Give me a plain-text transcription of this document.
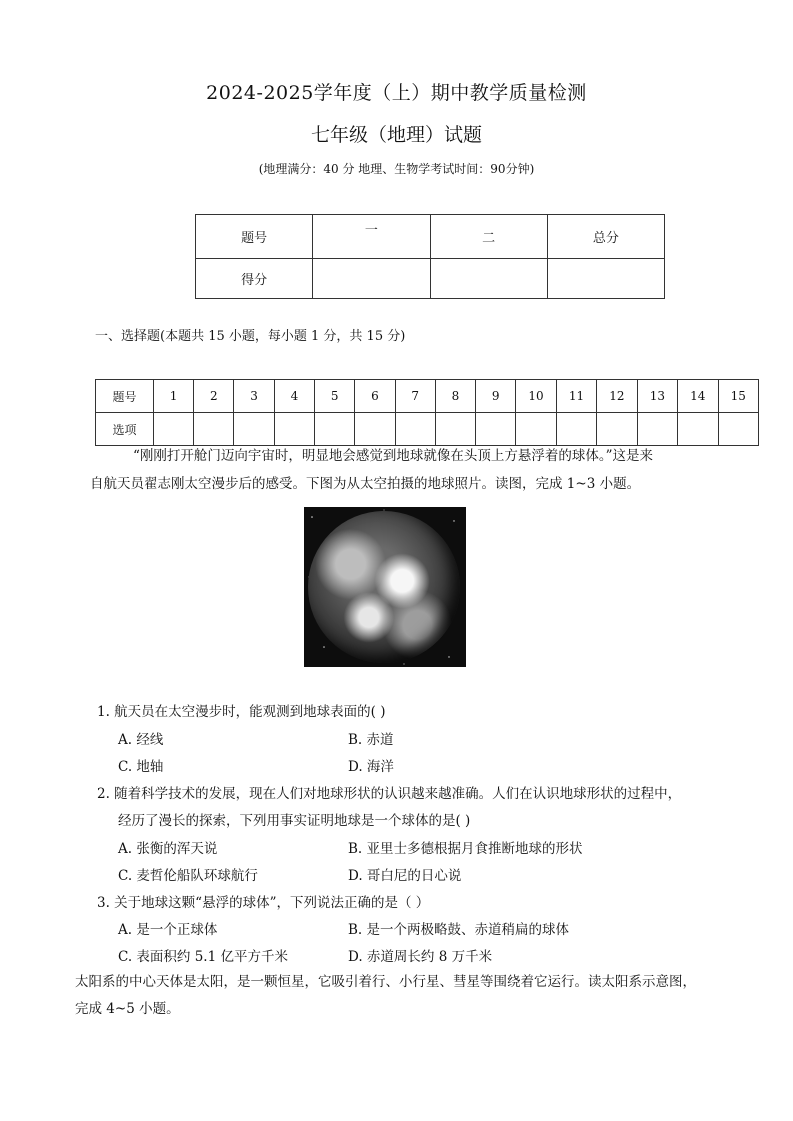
2024-2025学年度（上）期中教学质量检测
七年级（地理）试题
(地理满分：40 分 地理、生物学考试时间：90分钟)
题号	一	二	总分
得分			
一、选择题(本题共 15 小题，每小题 1 分，共 15 分)
题号	1	2	3	4	5	6	7	8	9	10	11	12	13	14	15
选项															
“刚刚打开舱门迈向宇宙时，明显地会感觉到地球就像在头顶上方悬浮着的球体。”这是来
自航天员翟志刚太空漫步后的感受。下图为从太空拍摄的地球照片。读图，完成 1~3 小题。
1. 航天员在太空漫步时，能观测到地球表面的( )
A. 经线	B. 赤道
C. 地轴	D. 海洋
2. 随着科学技术的发展，现在人们对地球形状的认识越来越准确。人们在认识地球形状的过程中，
经历了漫长的探索，下列用事实证明地球是一个球体的是( )
A. 张衡的浑天说	B. 亚里士多德根据月食推断地球的形状
C. 麦哲伦船队环球航行	D. 哥白尼的日心说
3. 关于地球这颗“悬浮的球体”，下列说法正确的是（ ）
A. 是一个正球体	B. 是一个两极略鼓、赤道稍扁的球体
C. 表面积约 5.1 亿平方千米	D. 赤道周长约 8 万千米
太阳系的中心天体是太阳，是一颗恒星，它吸引着行、小行星、彗星等围绕着它运行。读太阳系示意图，
完成 4~5 小题。
